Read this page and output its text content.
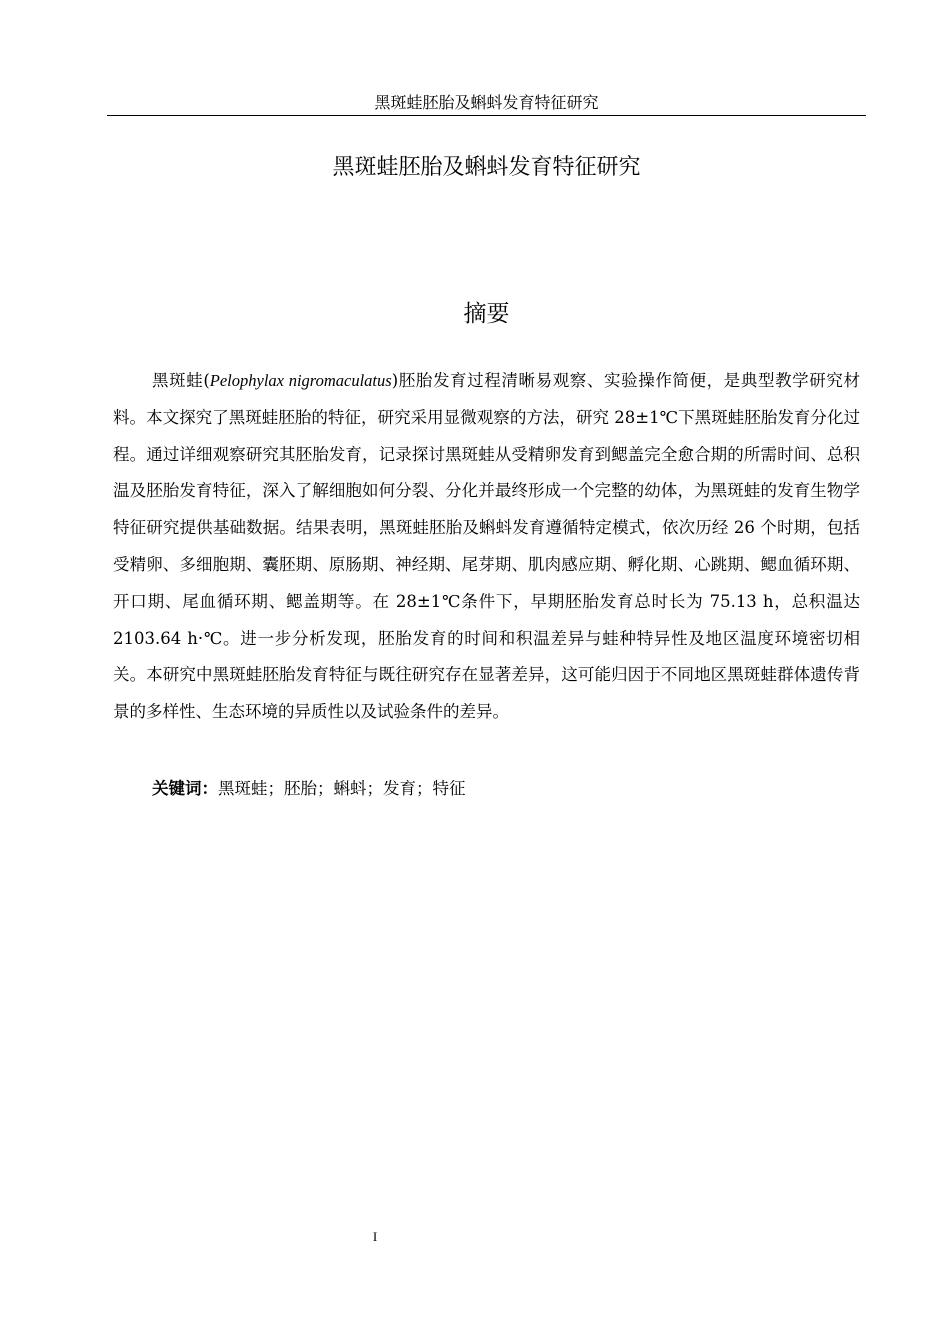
黑斑蛙胚胎及蝌蚪发育特征研究
黑斑蛙胚胎及蝌蚪发育特征研究
摘要

黑斑蛙(Pelophylax nigromaculatus)胚胎发育过程清晰易观察、实验操作简便，是典型教学研究材料。本文探究了黑斑蛙胚胎的特征，研究采用显微观察的方法，研究 28±1℃下黑斑蛙胚胎发育分化过程。通过详细观察研究其胚胎发育，记录探讨黑斑蛙从受精卵发育到鳃盖完全愈合期的所需时间、总积温及胚胎发育特征，深入了解细胞如何分裂、分化并最终形成一个完整的幼体，为黑斑蛙的发育生物学特征研究提供基础数据。结果表明，黑斑蛙胚胎及蝌蚪发育遵循特定模式，依次历经 26 个时期，包括受精卵、多细胞期、囊胚期、原肠期、神经期、尾芽期、肌肉感应期、孵化期、心跳期、鳃血循环期、开口期、尾血循环期、鳃盖期等。在 28±1℃条件下，早期胚胎发育总时长为 75.13 h，总积温达 2103.64 h·℃。进一步分析发现，胚胎发育的时间和积温差异与蛙种特异性及地区温度环境密切相关。本研究中黑斑蛙胚胎发育特征与既往研究存在显著差异，这可能归因于不同地区黑斑蛙群体遗传背景的多样性、生态环境的异质性以及试验条件的差异。

关键词：黑斑蛙；胚胎；蝌蚪；发育；特征

I
